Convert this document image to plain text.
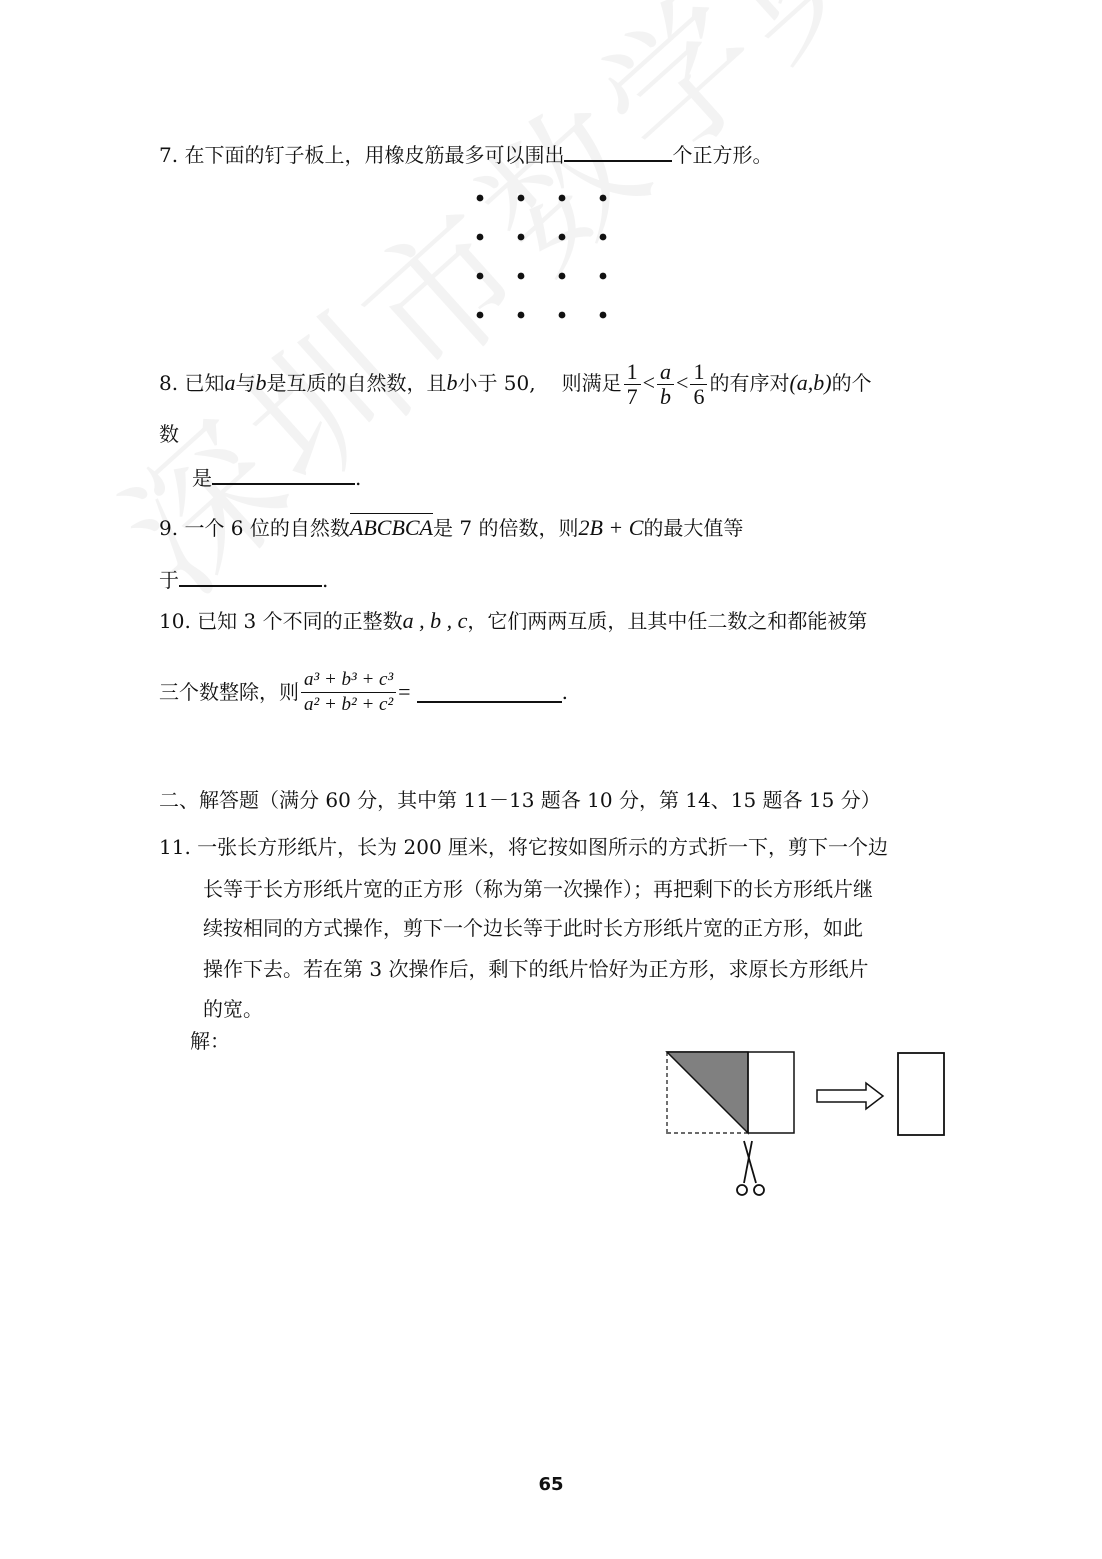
7. 在下面的钉子板上，用橡皮筋最多可以围出	个正方形。
8. 已知a与b是互质的自然数，且b小于 50, 则满足 $\frac{1}{7} < \frac{a}{b} < \frac{1}{6}$ 的有序对(a,b)的个
数
是	.
9. 一个 6 位的自然数ABCBCA是 7 的倍数，则2B + C的最大值等
于	.
10. 已知 3 个不同的正整数a , b , c，它们两两互质，且其中任二数之和都能被第
三个数整除，则 $\frac{\text{a³ + b³ + c³}}{\text{a² + b² + c²}}$ =	.
二、解答题（满分 60 分，其中第 11－13 题各 10 分，第 14、15 题各 15 分）
11. 一张长方形纸片，长为 200 厘米，将它按如图所示的方式折一下，剪下一个边
长等于长方形纸片宽的正方形（称为第一次操作）；再把剩下的长方形纸片继
续按相同的方式操作，剪下一个边长等于此时长方形纸片宽的正方形，如此
操作下去。若在第 3 次操作后，剩下的纸片恰好为正方形，求原长方形纸片
的宽。
解：
65
